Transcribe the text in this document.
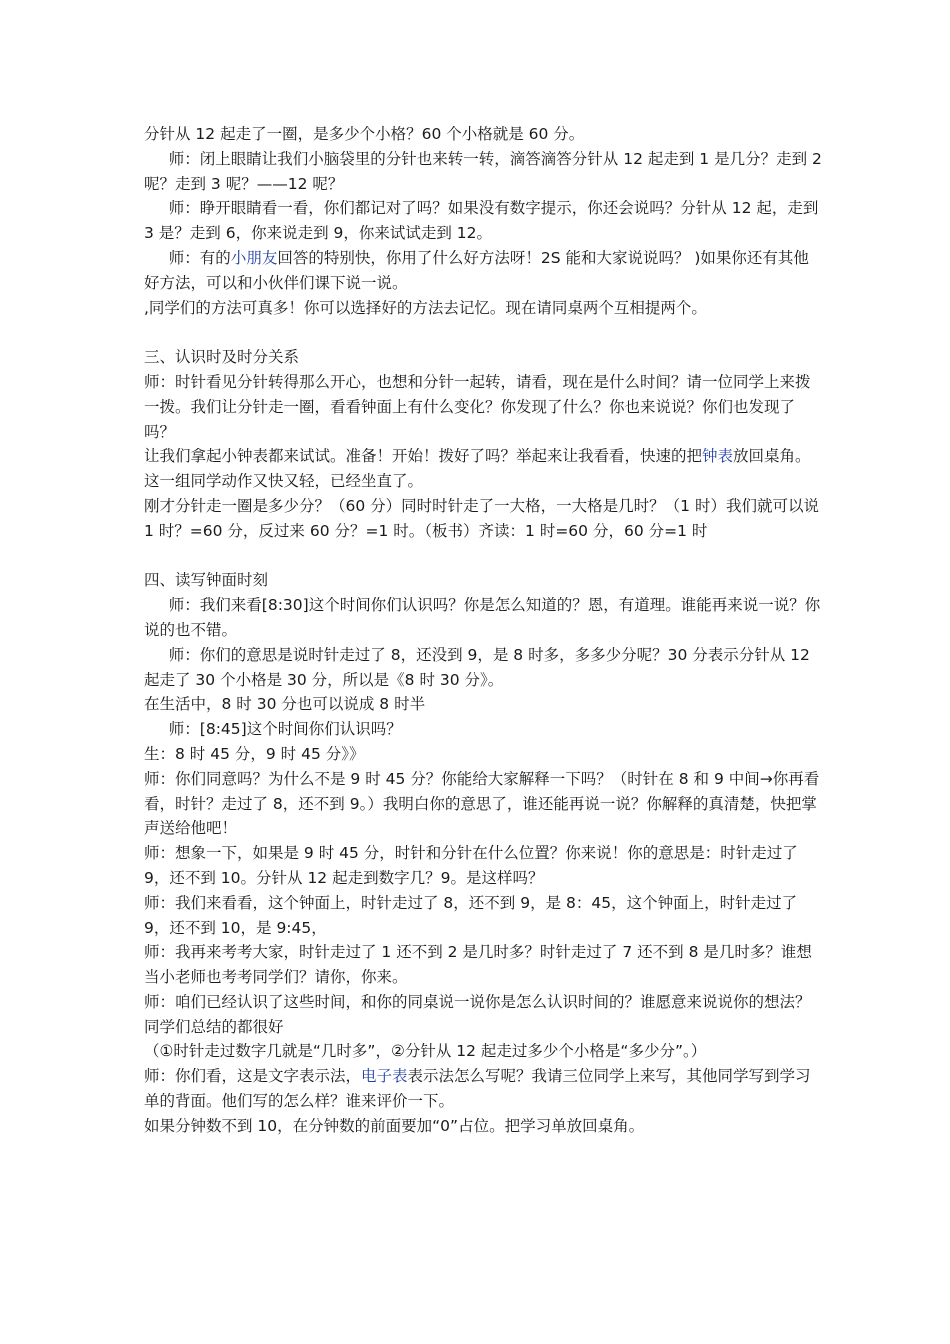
分针从 12 起走了一圈，是多少个小格？60 个小格就是 60 分。

师：闭上眼睛让我们小脑袋里的分针也来转一转，滴答滴答分针从 12 起走到 1 是几分？走到 2 呢？走到 3 呢？——12 呢？

师：睁开眼睛看一看，你们都记对了吗？如果没有数字提示，你还会说吗？分针从 12 起，走到 3 是？走到 6，你来说走到 9，你来试试走到 12。

师：有的小朋友回答的特别快，你用了什么好方法呀！2S 能和大家说说吗？ )如果你还有其他好方法，可以和小伙伴们课下说一说。

,同学们的方法可真多！你可以选择好的方法去记忆。现在请同桌两个互相提两个。

三、认识时及时分关系

师：时针看见分针转得那么开心，也想和分针一起转，请看，现在是什么时间？请一位同学上来拨一拨。我们让分针走一圈，看看钟面上有什么变化？你发现了什么？你也来说说？你们也发现了吗？

让我们拿起小钟表都来试试。准备！开始！拨好了吗？举起来让我看看，快速的把钟表放回桌角。这一组同学动作又快又轻，已经坐直了。

刚才分针走一圈是多少分？（60 分）同时时针走了一大格，一大格是几时？（1 时）我们就可以说 1 时？=60 分，反过来 60 分？=1 时。（板书）齐读：1 时=60 分，60 分=1 时

四、读写钟面时刻

师：我们来看[8:30]这个时间你们认识吗？你是怎么知道的？恩，有道理。谁能再来说一说？你说的也不错。

师：你们的意思是说时针走过了 8，还没到 9，是 8 时多，多多少分呢？30 分表示分针从 12 起走了 30 个小格是 30 分，所以是《8 时 30 分》。

在生活中，8 时 30 分也可以说成 8 时半

师：[8:45]这个时间你们认识吗？

生：8 时 45 分，9 时 45 分》》

师：你们同意吗？为什么不是 9 时 45 分？你能给大家解释一下吗？（时针在 8 和 9 中间→你再看看，时针？走过了 8，还不到 9。）我明白你的意思了，谁还能再说一说？你解释的真清楚，快把掌声送给他吧！

师：想象一下，如果是 9 时 45 分，时针和分针在什么位置？你来说！你的意思是：时针走过了 9，还不到 10。分针从 12 起走到数字几？9。是这样吗？

师：我们来看看，这个钟面上，时针走过了 8，还不到 9，是 8：45，这个钟面上，时针走过了 9，还不到 10，是 9:45，

师：我再来考考大家，时针走过了 1 还不到 2 是几时多？时针走过了 7 还不到 8 是几时多？谁想当小老师也考考同学们？请你，你来。

师：咱们已经认识了这些时间，和你的同桌说一说你是怎么认识时间的？谁愿意来说说你的想法？同学们总结的都很好

（①时针走过数字几就是“几时多”，②分针从 12 起走过多少个小格是“多少分”。）

师：你们看，这是文字表示法，电子表表示法怎么写呢？我请三位同学上来写，其他同学写到学习单的背面。他们写的怎么样？谁来评价一下。

如果分钟数不到 10，在分钟数的前面要加“0”占位。把学习单放回桌角。
